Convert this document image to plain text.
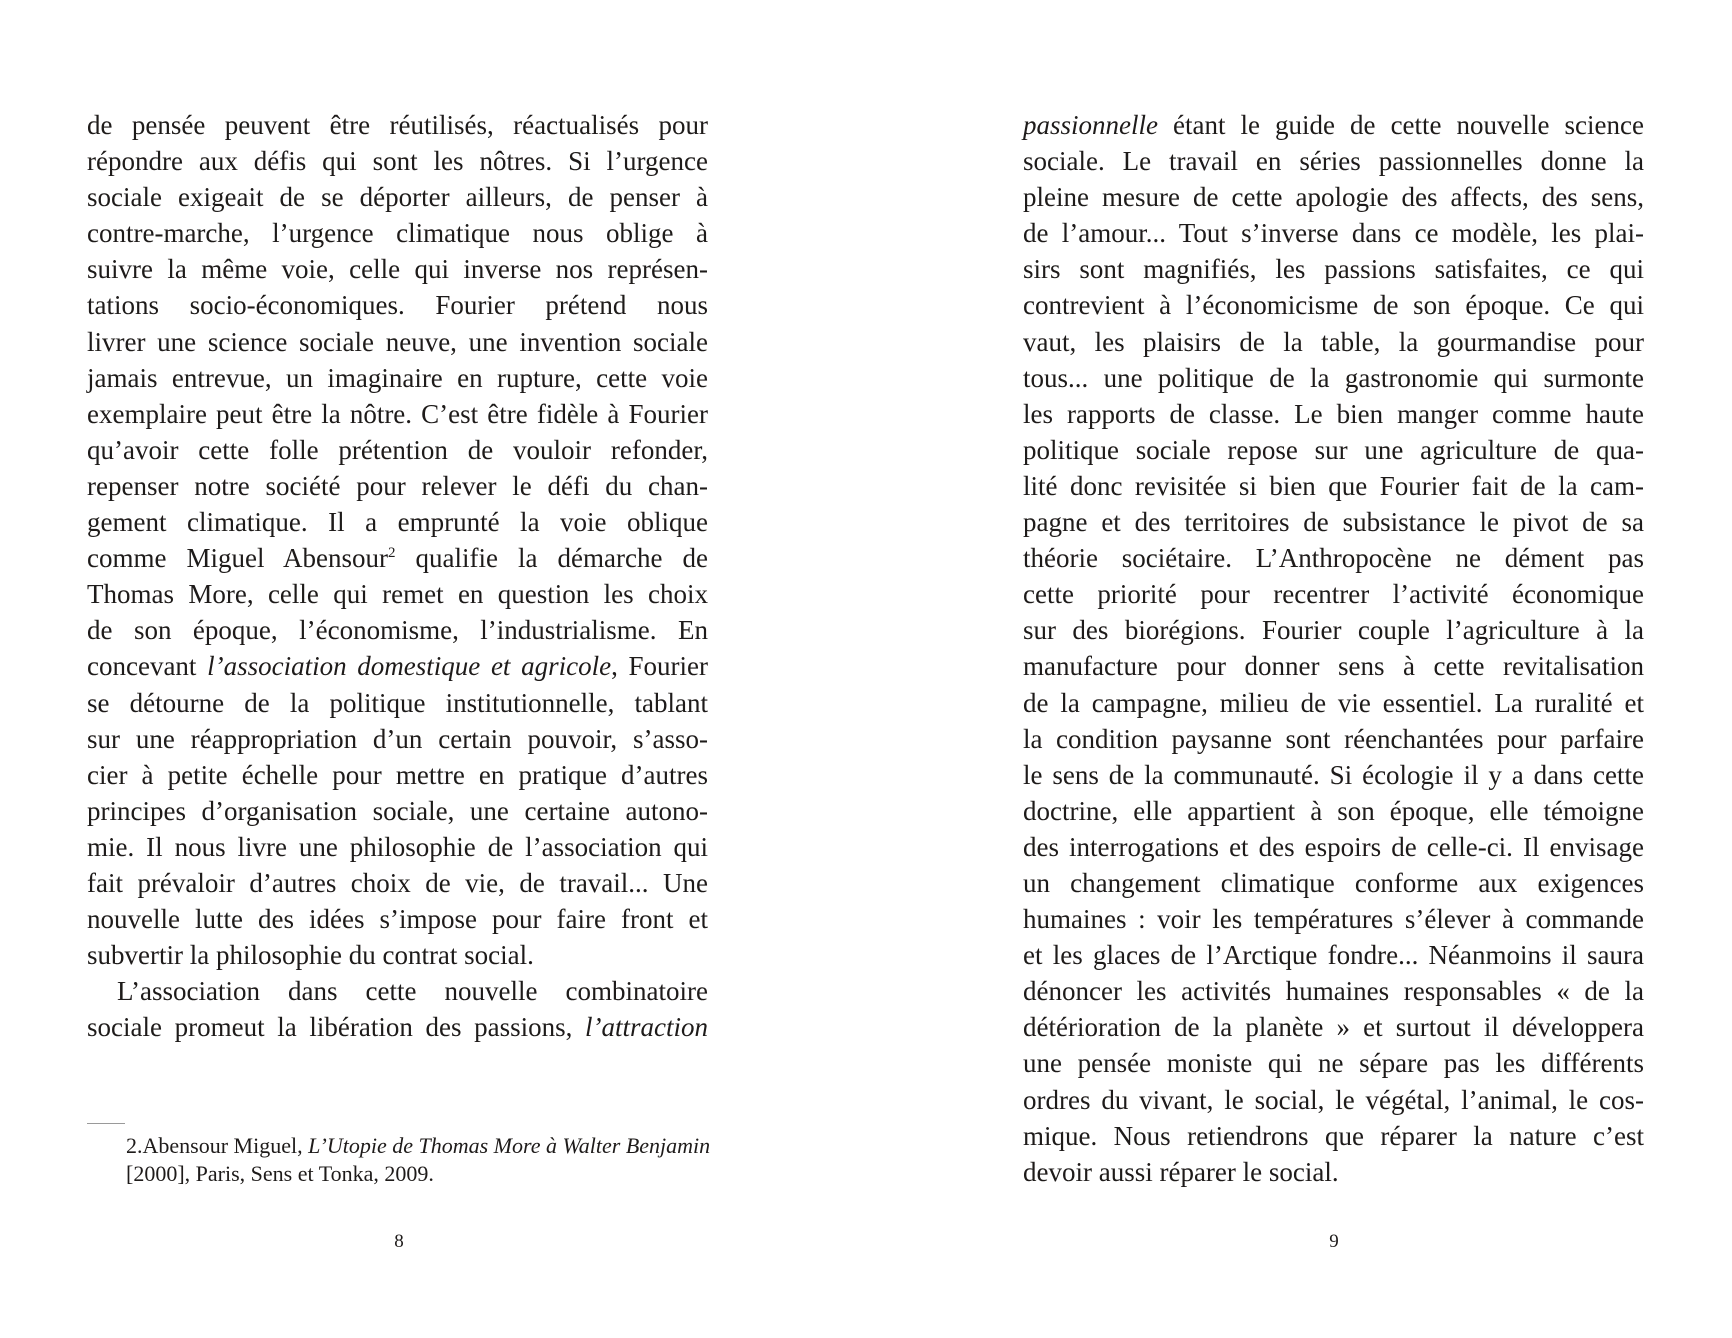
de pensée peuvent être réutilisés, réactualisés pour
répondre aux défis qui sont les nôtres. Si l’urgence
sociale exigeait de se déporter ailleurs, de penser à
contre-marche, l’urgence climatique nous oblige à
suivre la même voie, celle qui inverse nos représen-
tations socio-économiques. Fourier prétend nous
livrer une science sociale neuve, une invention sociale
jamais entrevue, un imaginaire en rupture, cette voie
exemplaire peut être la nôtre. C’est être fidèle à Fourier
qu’avoir cette folle prétention de vouloir refonder,
repenser notre société pour relever le défi du chan-
gement climatique. Il a emprunté la voie oblique
comme Miguel Abensour$^2$ qualifie la démarche de
Thomas More, celle qui remet en question les choix
de son époque, l’économisme, l’industrialisme. En
concevant l’association domestique et agricole, Fourier
se détourne de la politique institutionnelle, tablant
sur une réappropriation d’un certain pouvoir, s’asso-
cier à petite échelle pour mettre en pratique d’autres
principes d’organisation sociale, une certaine autono-
mie. Il nous livre une philosophie de l’association qui
fait prévaloir d’autres choix de vie, de travail... Une
nouvelle lutte des idées s’impose pour faire front et
subvertir la philosophie du contrat social.
L’association dans cette nouvelle combinatoire
sociale promeut la libération des passions, l’attraction
2.Abensour Miguel, L’Utopie de Thomas More à Walter Benjamin
[2000], Paris, Sens et Tonka, 2009.
8
passionnelle étant le guide de cette nouvelle science
sociale. Le travail en séries passionnelles donne la
pleine mesure de cette apologie des affects, des sens,
de l’amour... Tout s’inverse dans ce modèle, les plai-
sirs sont magnifiés, les passions satisfaites, ce qui
contrevient à l’économicisme de son époque. Ce qui
vaut, les plaisirs de la table, la gourmandise pour
tous... une politique de la gastronomie qui surmonte
les rapports de classe. Le bien manger comme haute
politique sociale repose sur une agriculture de qua-
lité donc revisitée si bien que Fourier fait de la cam-
pagne et des territoires de subsistance le pivot de sa
théorie sociétaire. L’Anthropocène ne dément pas
cette priorité pour recentrer l’activité économique
sur des biorégions. Fourier couple l’agriculture à la
manufacture pour donner sens à cette revitalisation
de la campagne, milieu de vie essentiel. La ruralité et
la condition paysanne sont réenchantées pour parfaire
le sens de la communauté. Si écologie il y a dans cette
doctrine, elle appartient à son époque, elle témoigne
des interrogations et des espoirs de celle-ci. Il envisage
un changement climatique conforme aux exigences
humaines : voir les températures s’élever à commande
et les glaces de l’Arctique fondre... Néanmoins il saura
dénoncer les activités humaines responsables « de la
détérioration de la planète » et surtout il développera
une pensée moniste qui ne sépare pas les différents
ordres du vivant, le social, le végétal, l’animal, le cos-
mique. Nous retiendrons que réparer la nature c’est
devoir aussi réparer le social.
9
